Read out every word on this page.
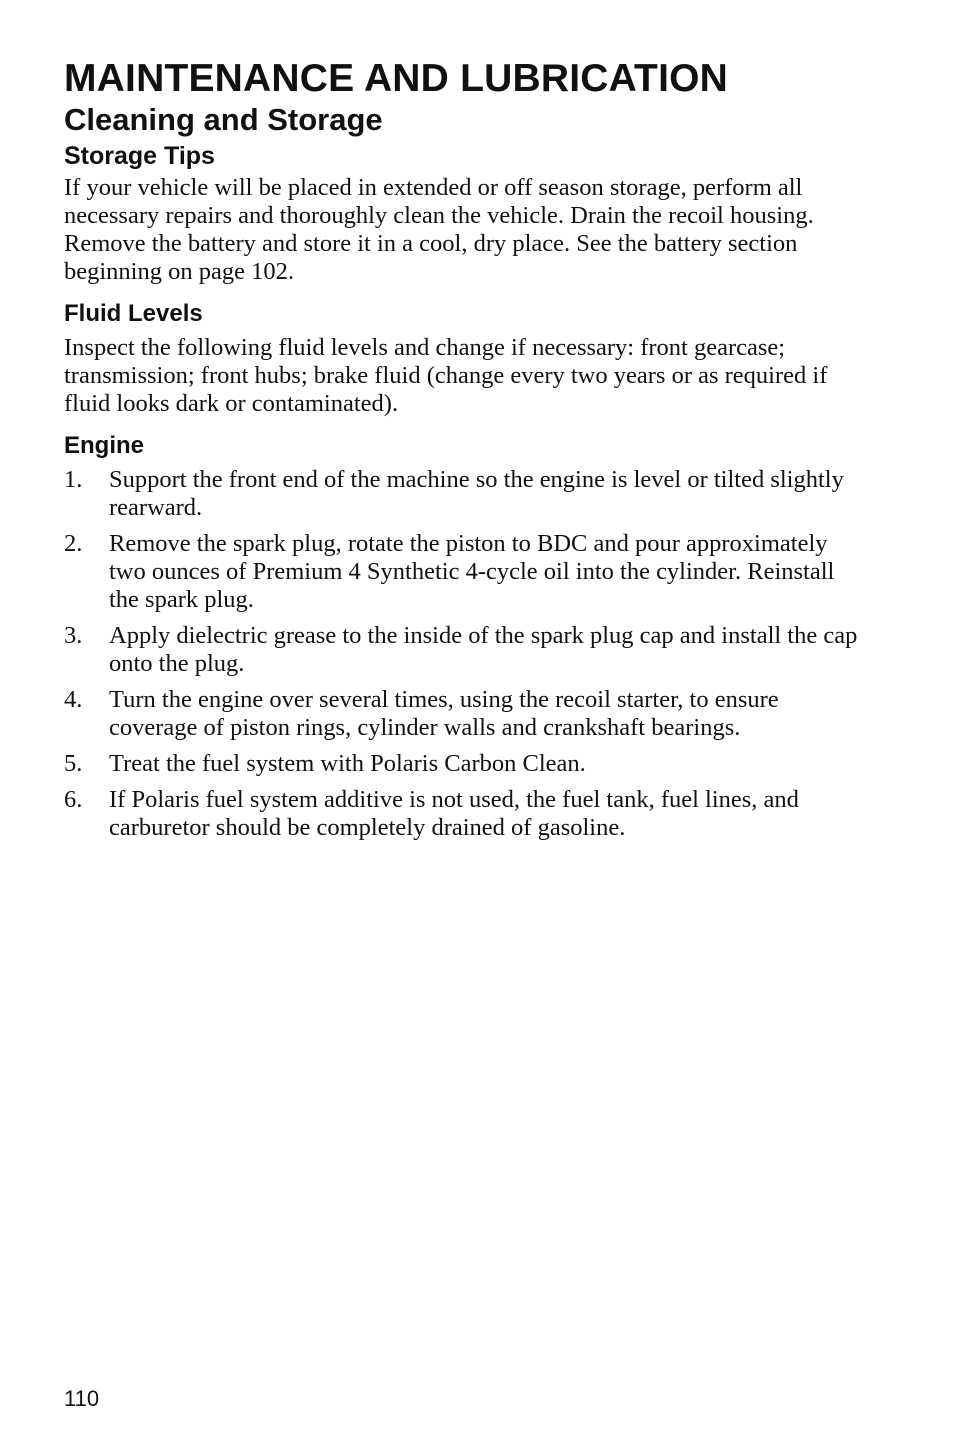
MAINTENANCE AND LUBRICATION
Cleaning and Storage
Storage Tips

If your vehicle will be placed in extended or off season storage, perform all necessary repairs and thoroughly clean the vehicle. Drain the recoil housing. Remove the battery and store it in a cool, dry place. See the battery section beginning on page 102.

Fluid Levels

Inspect the following fluid levels and change if necessary: front gearcase; transmission; front hubs; brake fluid (change every two years or as required if fluid looks dark or contaminated).

Engine
1.	Support the front end of the machine so the engine is level or tilted slightly rearward.
2.	Remove the spark plug, rotate the piston to BDC and pour approximately two ounces of Premium 4 Synthetic 4-cycle oil into the cylinder. Reinstall the spark plug.
3.	Apply dielectric grease to the inside of the spark plug cap and install the cap onto the plug.
4.	Turn the engine over several times, using the recoil starter, to ensure coverage of piston rings, cylinder walls and crankshaft bearings.
5.	Treat the fuel system with Polaris Carbon Clean.
6.	If Polaris fuel system additive is not used, the fuel tank, fuel lines, and carburetor should be completely drained of gasoline.
110
